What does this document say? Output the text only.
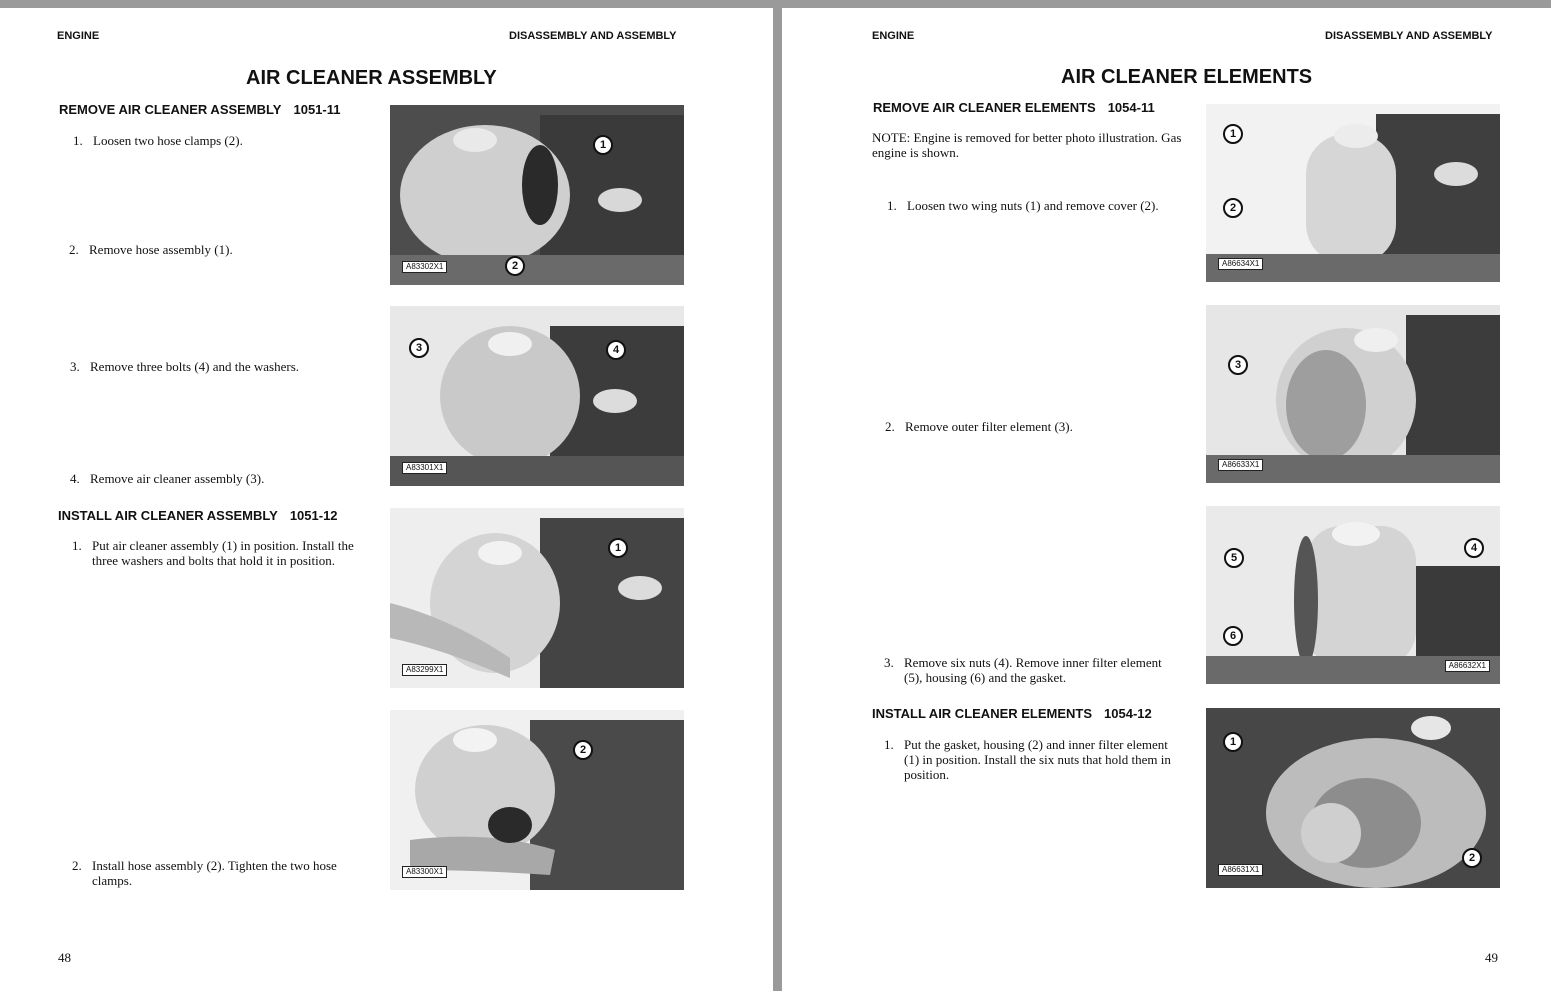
ENGINE	DISASSEMBLY AND ASSEMBLY
AIR CLEANER ASSEMBLY
REMOVE AIR CLEANER ASSEMBLY 1051-11
1. Loosen two hose clamps (2).
2. Remove hose assembly (1).
3. Remove three bolts (4) and the washers.
4. Remove air cleaner assembly (3).
INSTALL AIR CLEANER ASSEMBLY 1051-12
1. Put air cleaner assembly (1) in position. Install the three washers and bolts that hold it in position.
2. Install hose assembly (2). Tighten the two hose clamps.
1
2
A83302X1
3	4
A83301X1
1
A83299X1
2
A83300X1
48
ENGINE	DISASSEMBLY AND ASSEMBLY
AIR CLEANER ELEMENTS
REMOVE AIR CLEANER ELEMENTS 1054-11
NOTE: Engine is removed for better photo illustration. Gas engine is shown.
1. Loosen two wing nuts (1) and remove cover (2).
2. Remove outer filter element (3).
3. Remove six nuts (4). Remove inner filter element (5), housing (6) and the gasket.
INSTALL AIR CLEANER ELEMENTS 1054-12
1. Put the gasket, housing (2) and inner filter element (1) in position. Install the six nuts that hold them in position.
1
2
A86634X1
3
A86633X1
5
4
6
A86632X1
1
2
A86631X1
49
